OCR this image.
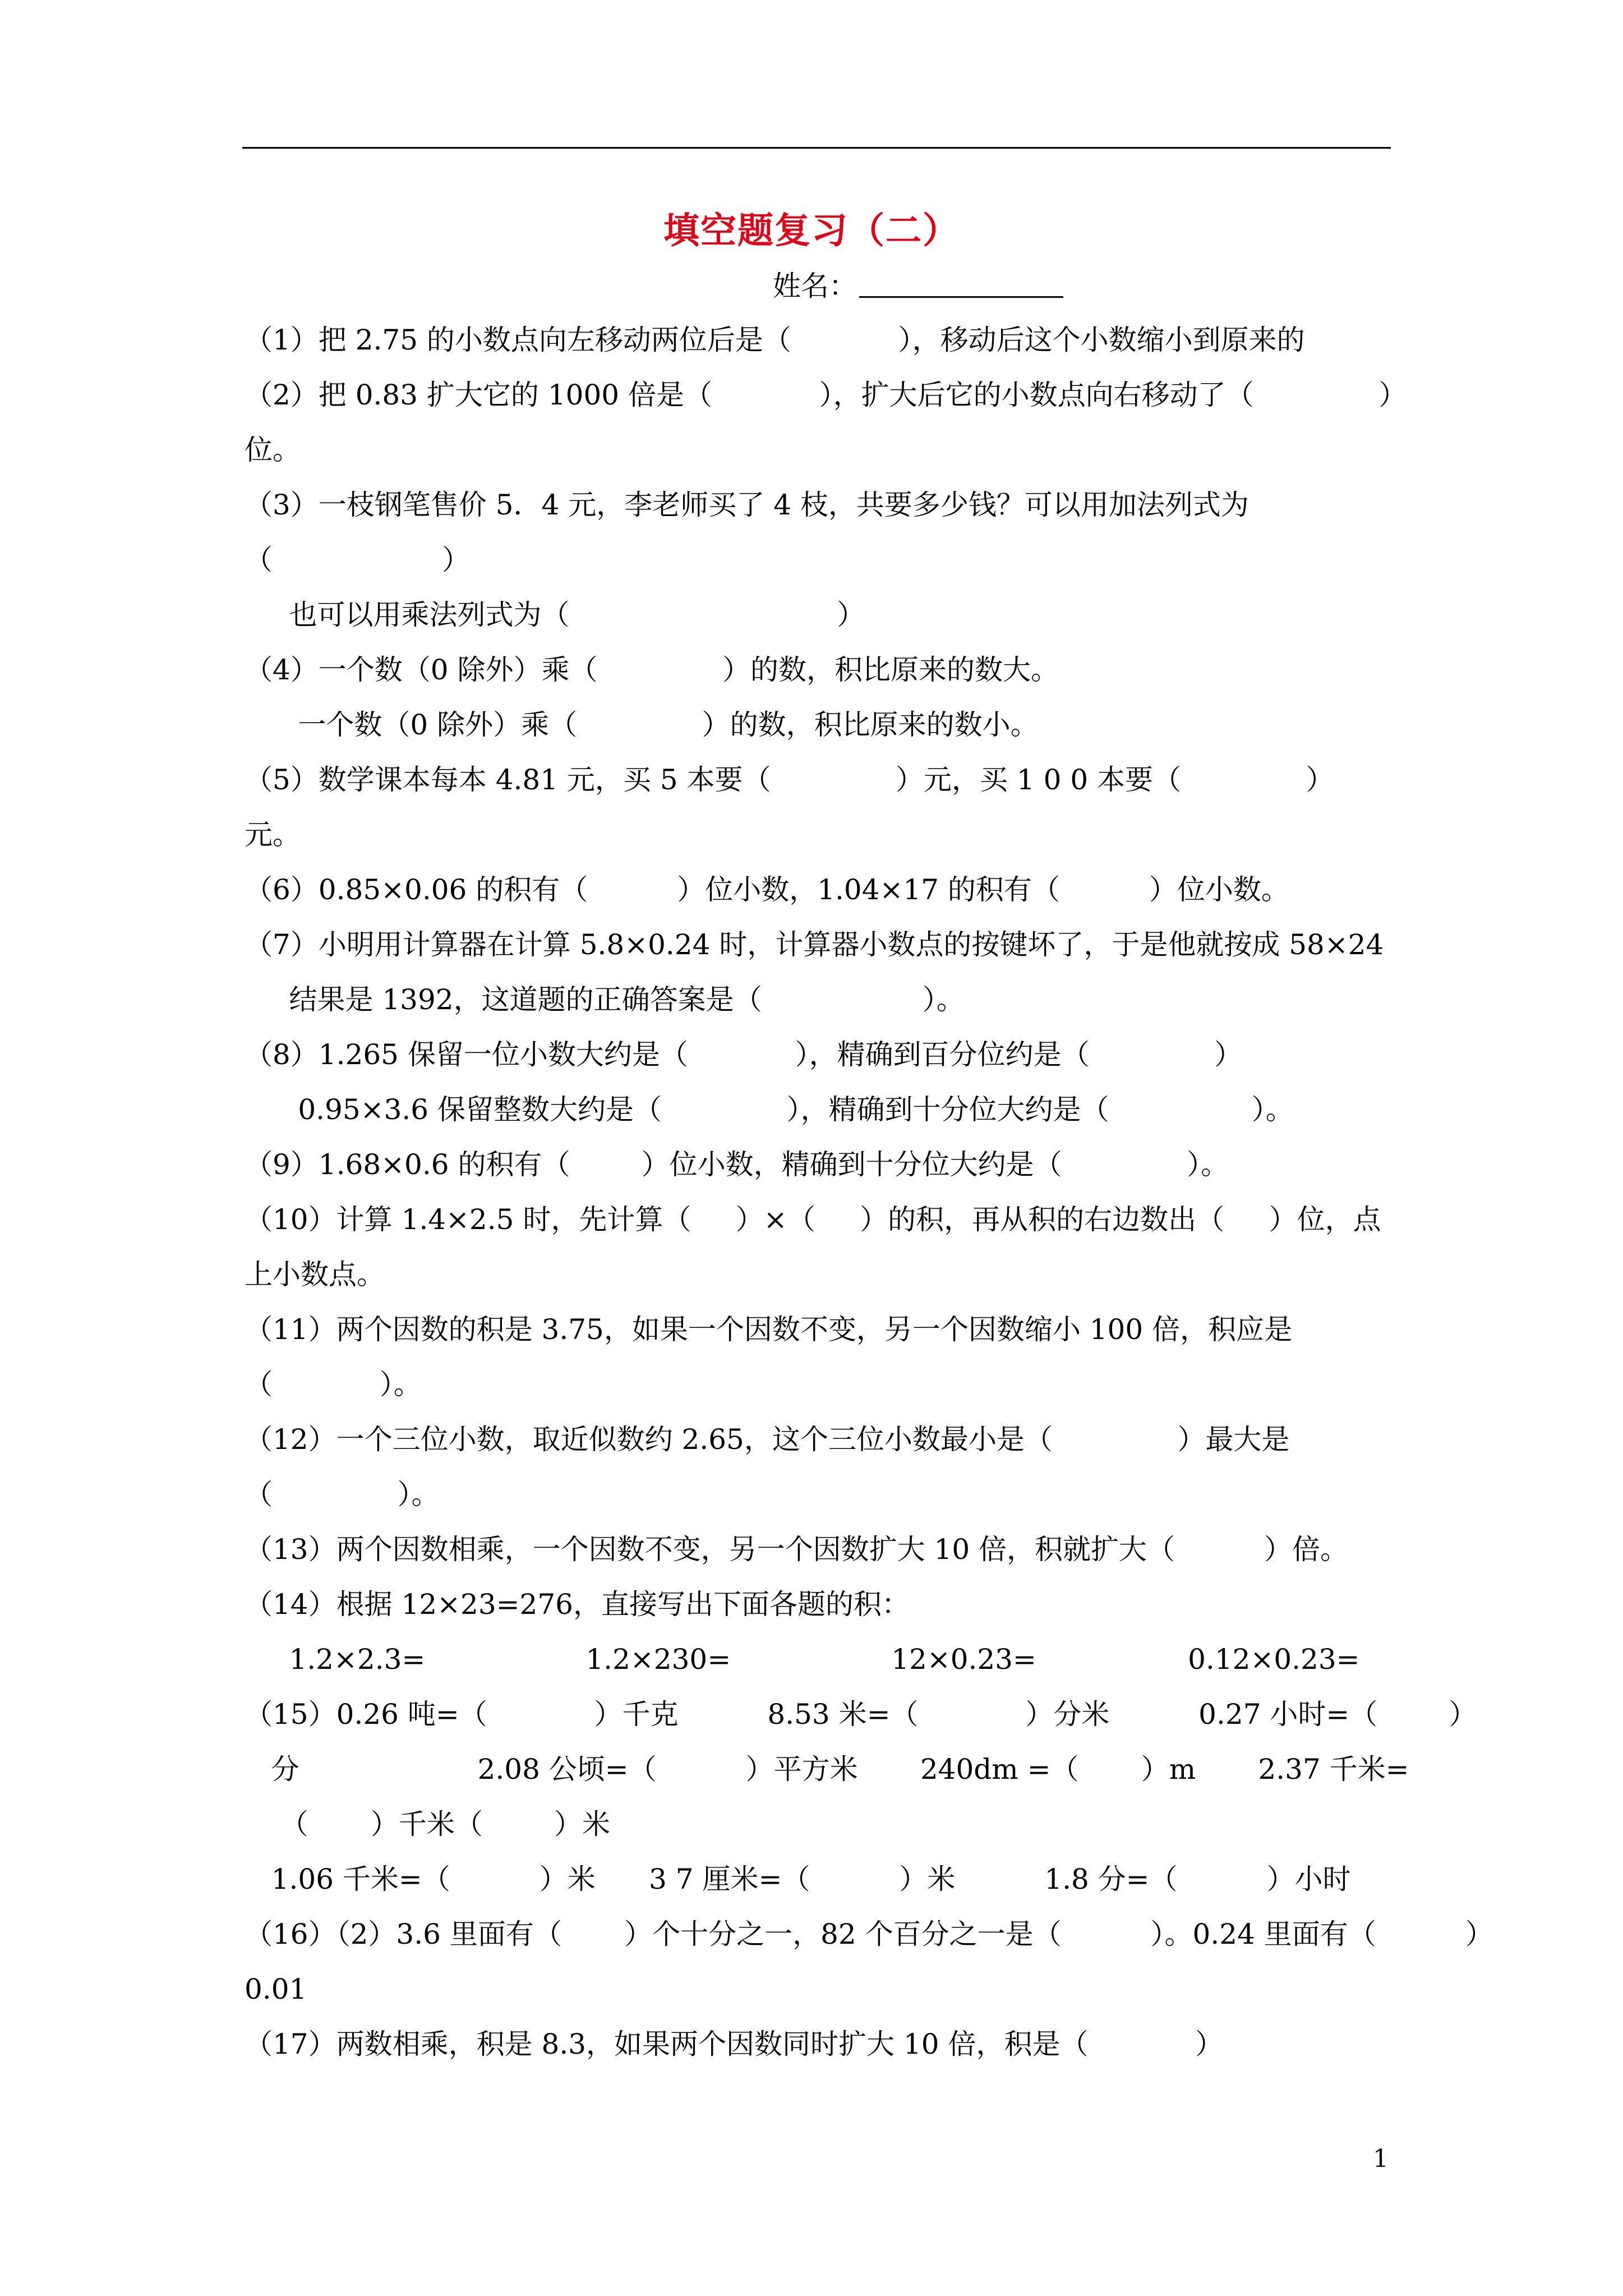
填空题复习（二）
姓名：
（1）把 2.75 的小数点向左移动两位后是（            ），移动后这个小数缩小到原来的
（2）把 0.83 扩大它的 1000 倍是（            ），扩大后它的小数点向右移动了（              ）
位。
（3）一枝钢笔售价 5．4 元，李老师买了 4 枝，共要多少钱？可以用加法列式为
（                   ）
也可以用乘法列式为（                              ）
（4）一个数（0 除外）乘（              ）的数，积比原来的数大。
一个数（0 除外）乘（              ）的数，积比原来的数小。
（5）数学课本每本 4.81 元，买 5 本要（              ）元，买 1 0 0 本要（              ）
元。
（6）0.85×0.06 的积有（          ）位小数，1.04×17 的积有（          ）位小数。
（7）小明用计算器在计算 5.8×0.24 时，计算器小数点的按键坏了，于是他就按成 58×24
结果是 1392，这道题的正确答案是（                  ）。
（8）1.265 保留一位小数大约是（            ），精确到百分位约是（              ）
0.95×3.6 保留整数大约是（              ），精确到十分位大约是（                ）。
（9）1.68×0.6 的积有（        ）位小数，精确到十分位大约是（              ）。
（10）计算 1.4×2.5 时，先计算（     ）×（     ）的积，再从积的右边数出（     ）位，点
上小数点。
（11）两个因数的积是 3.75，如果一个因数不变，另一个因数缩小 100 倍，积应是
（            ）。
（12）一个三位小数，取近似数约 2.65，这个三位小数最小是（              ）最大是
（              ）。
（13）两个因数相乘，一个因数不变，另一个因数扩大 10 倍，积就扩大（          ）倍。
（14）根据 12×23=276，直接写出下面各题的积：
1.2×2.3=                  1.2×230=                  12×0.23=                 0.12×0.23=
（15）0.26 吨=（            ）千克          8.53 米=（            ）分米          0.27 小时=（        ）
分                    2.08 公顷=（          ）平方米       240dm =（       ）m       2.37 千米=
（       ）千米（        ）米
1.06 千米=（          ）米      3 7 厘米=（          ）米          1.8 分=（          ）小时
（16）（2）3.6 里面有（       ）个十分之一，82 个百分之一是（          ）。0.24 里面有（          ）
0.01
（17）两数相乘，积是 8.3，如果两个因数同时扩大 10 倍，积是（            ）
1
